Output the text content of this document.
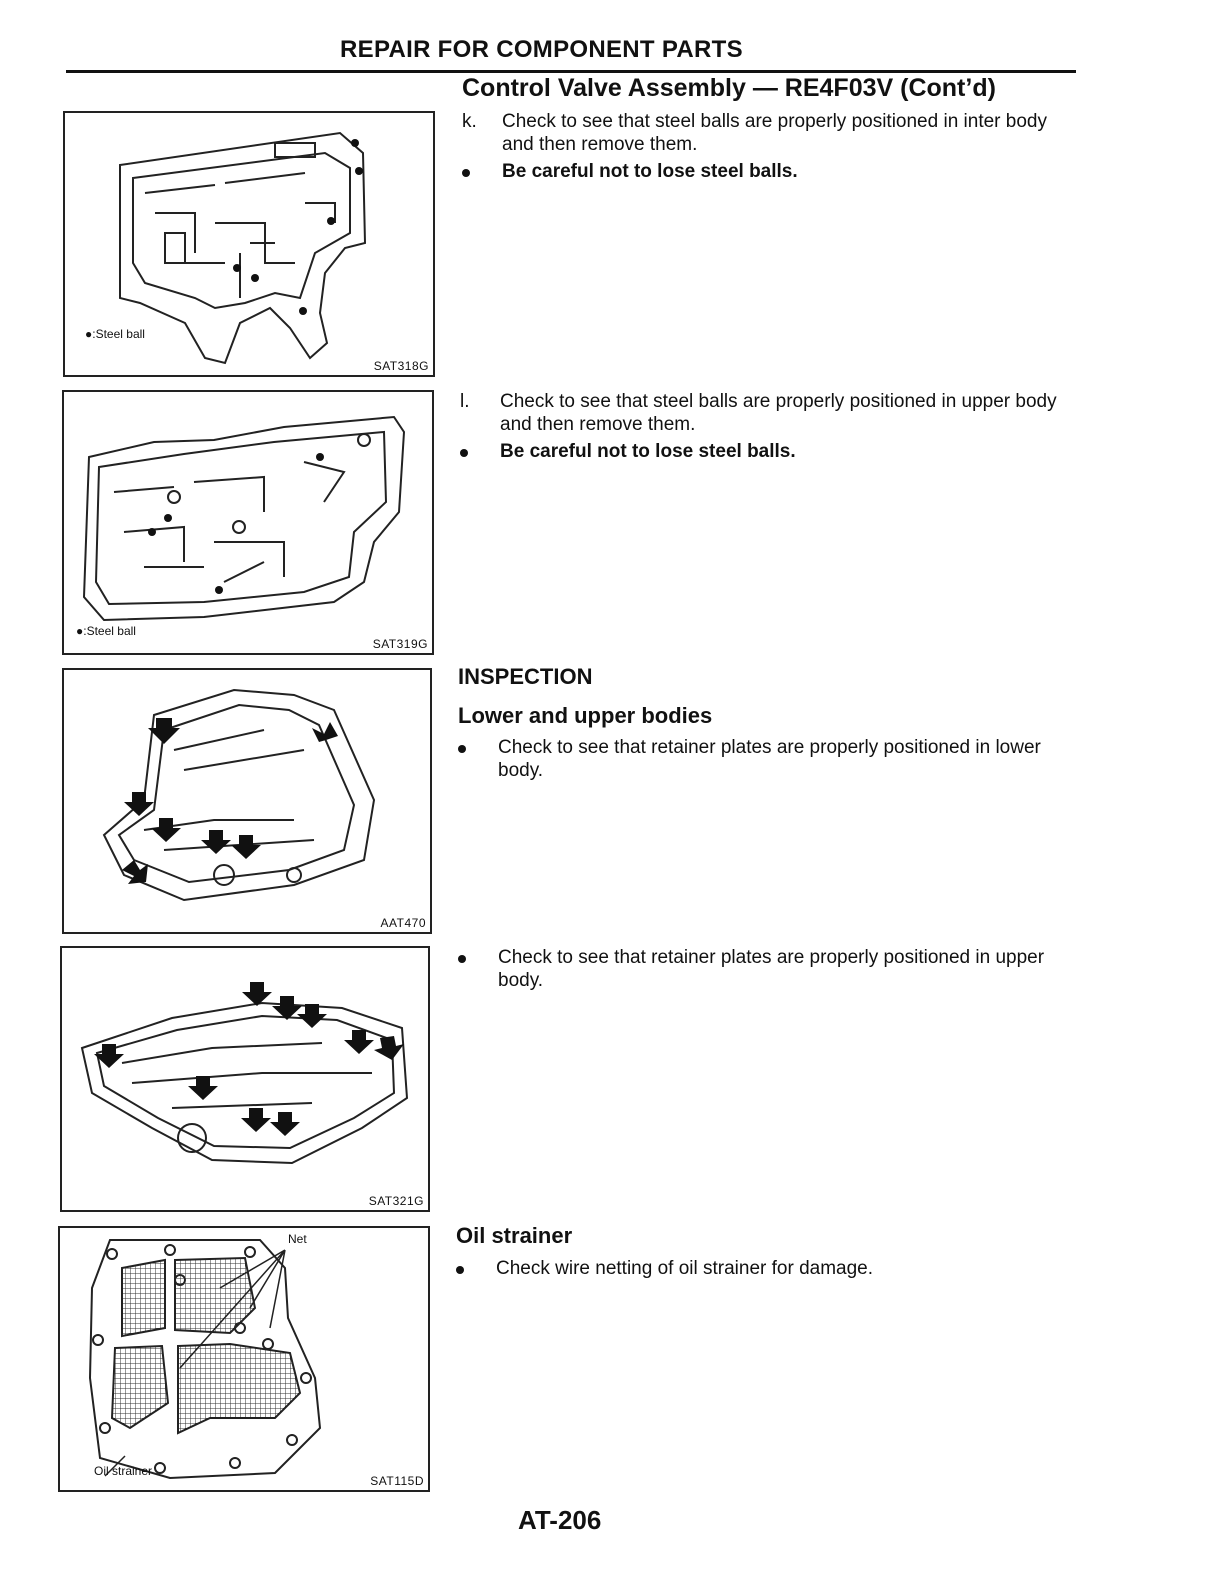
REPAIR FOR COMPONENT PARTS
Control Valve Assembly — RE4F03V (Cont’d)
●:Steel ball
SAT318G
k. Check to see that steel balls are properly positioned in inter body and then remove them.
Be careful not to lose steel balls.
●:Steel ball
SAT319G
l. Check to see that steel balls are properly positioned in upper body and then remove them.
Be careful not to lose steel balls.
AAT470
INSPECTION
Lower and upper bodies
Check to see that retainer plates are properly positioned in lower body.
SAT321G
Check to see that retainer plates are properly positioned in upper body.
Net
Oil strainer
SAT115D
Oil strainer
Check wire netting of oil strainer for damage.
AT-206
